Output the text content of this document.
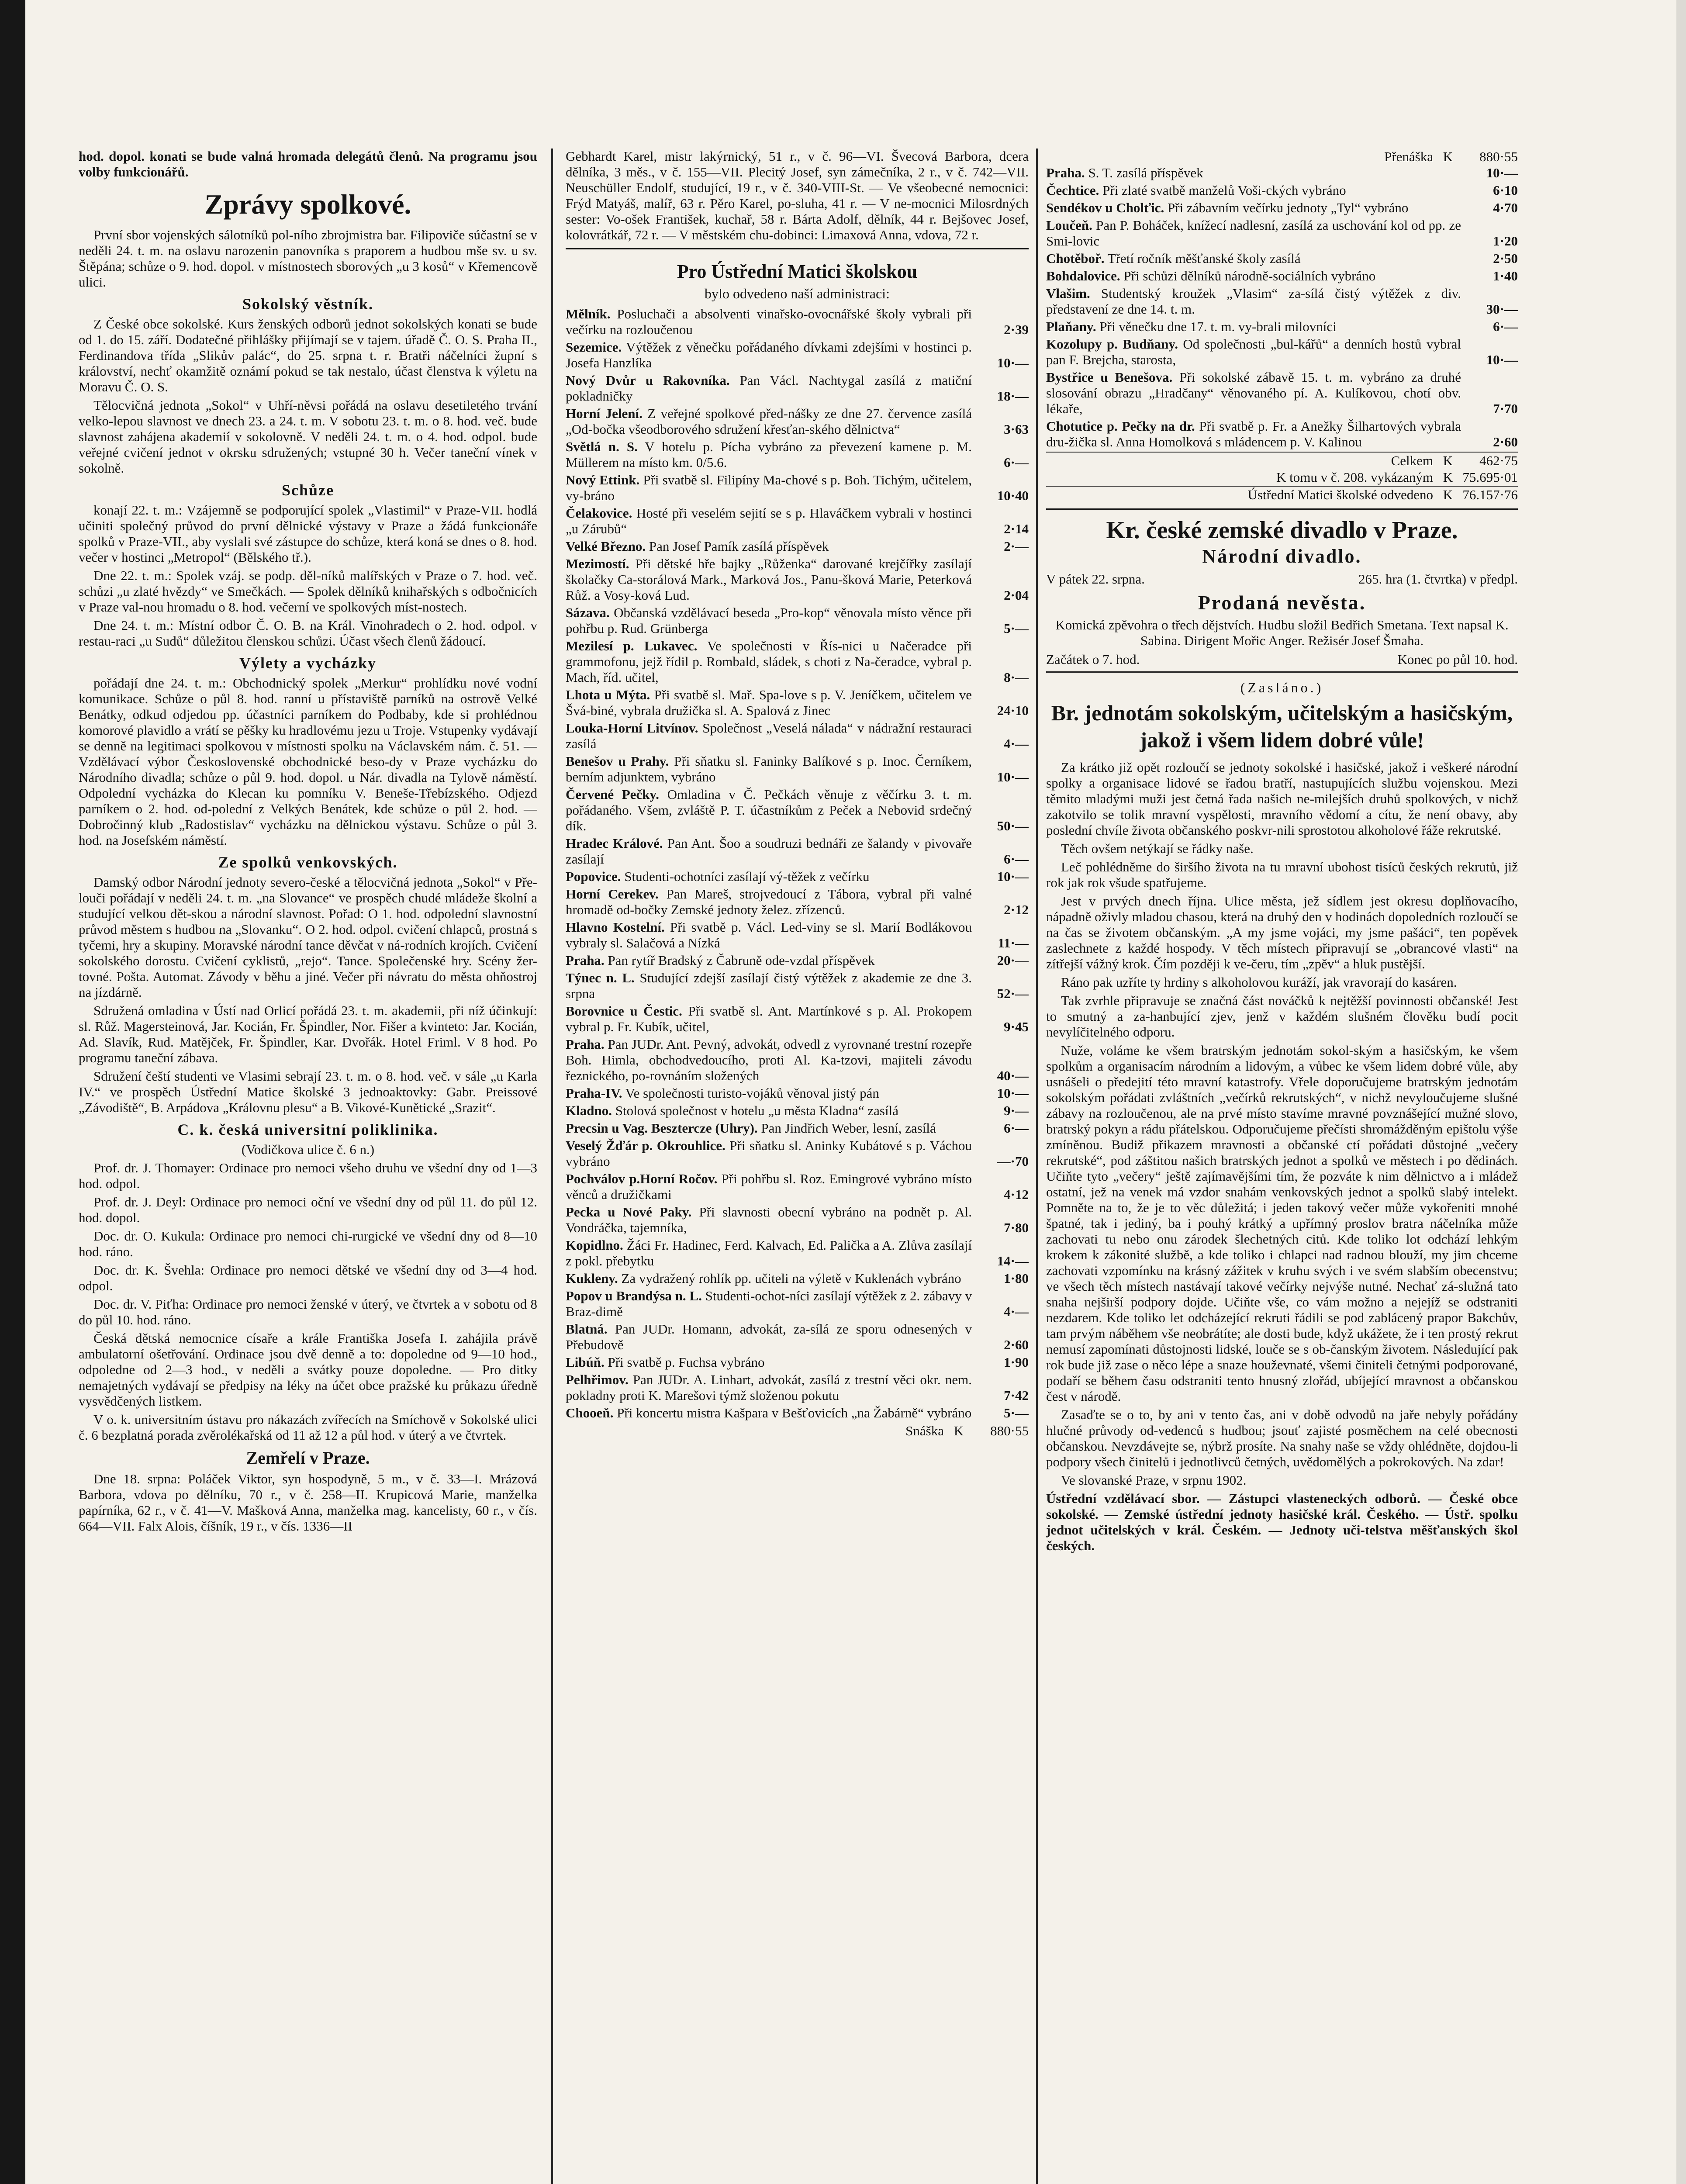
hod. dopol. konati se bude valná hromada delegátů členů. Na programu jsou volby funkcionářů.

Zprávy spolkové.

První sbor vojenských sálotníků pol-ního zbrojmistra bar. Filipoviče súčastní se v neděli 24. t. m. na oslavu narozenin panovníka s praporem a hudbou mše sv. u sv. Štěpána; schůze o 9. hod. dopol. v místnostech sborových „u 3 kosů“ v Křemencově ulici.

Sokolský věstník.

Z České obce sokolské. Kurs ženských odborů jednot sokolských konati se bude od 1. do 15. září. Dodatečné přihlášky přijímají se v tajem. úřadě Č. O. S. Praha II., Ferdinandova třída „Slikův palác“, do 25. srpna t. r. Bratři náčelníci župní s království, nechť okamžitě oznámí pokud se tak nestalo, účast členstva k výletu na Moravu Č. O. S.

Tělocvičná jednota „Sokol“ v Uhří-něvsi pořádá na oslavu desetiletého trvání velko-lepou slavnost ve dnech 23. a 24. t. m. V sobotu 23. t. m. o 8. hod. več. bude slavnost zahájena akademií v sokolovně. V neděli 24. t. m. o 4. hod. odpol. bude veřejné cvičení jednot v okrsku sdružených; vstupné 30 h. Večer taneční vínek v sokolně.

Schůze

konají 22. t. m.: Vzájemně se podporující spolek „Vlastimil“ v Praze-VII. hodlá učiniti společný průvod do první dělnické výstavy v Praze a žádá funkcionáře spolků v Praze-VII., aby vyslali své zástupce do schůze, která koná se dnes o 8. hod. večer v hostinci „Metropol“ (Bělského tř.).

Dne 22. t. m.: Spolek vzáj. se podp. děl-níků malířských v Praze o 7. hod. več. schůzi „u zlaté hvězdy“ ve Smečkách. — Spolek dělníků knihařských s odbočnicích v Praze val-nou hromadu o 8. hod. večerní ve spolkových míst-nostech.

Dne 24. t. m.: Místní odbor Č. O. B. na Král. Vinohradech o 2. hod. odpol. v restau-raci „u Sudů“ důležitou členskou schůzi. Účast všech členů žádoucí.

Výlety a vycházky

pořádají dne 24. t. m.: Obchodnický spolek „Merkur“ prohlídku nové vodní komunikace. Schůze o půl 8. hod. ranní u přístaviště parníků na ostrově Velké Benátky, odkud odjedou pp. účastníci parníkem do Podbaby, kde si prohlédnou komorové plavidlo a vrátí se pěšky ku hradlovému jezu u Troje. Vstupenky vydávají se denně na legitimaci spolkovou v místnosti spolku na Václavském nám. č. 51. — Vzdělávací výbor Československé obchodnické beso-dy v Praze vycházku do Národního divadla; schůze o půl 9. hod. dopol. u Nár. divadla na Tylově náměstí. Odpolední vycházka do Klecan ku pomníku V. Beneše-Třebízského. Odjezd parníkem o 2. hod. od-polední z Velkých Benátek, kde schůze o půl 2. hod. — Dobročinný klub „Radostislav“ vycházku na dělnickou výstavu. Schůze o půl 3. hod. na Josefském náměstí.

Ze spolků venkovských.

Damský odbor Národní jednoty severo-české a tělocvičná jednota „Sokol“ v Pře-louči pořádají v neděli 24. t. m. „na Slovance“ ve prospěch chudé mládeže školní a studující velkou dět-skou a národní slavnost. Pořad: O 1. hod. odpolední slavnostní průvod městem s hudbou na „Slovanku“. O 2. hod. odpol. cvičení chlapců, prostná s tyčemi, hry a skupiny. Moravské národní tance děvčat v ná-rodních krojích. Cvičení sokolského dorostu. Cvičení cyklistů, „rejo“. Tance. Společenské hry. Scény žer-tovné. Pošta. Automat. Závody v běhu a jiné. Večer při návratu do města ohňostroj na jízdárně.

Sdružená omladina v Ústí nad Orlicí pořádá 23. t. m. akademii, při níž účinkují: sl. Růž. Magersteinová, Jar. Kocián, Fr. Špindler, Nor. Fišer a kvinteto: Jar. Kocián, Ad. Slavík, Rud. Matějček, Fr. Špindler, Kar. Dvořák. Hotel Friml. V 8 hod. Po programu taneční zábava.

Sdružení čeští studenti ve Vlasimi sebrají 23. t. m. o 8. hod. več. v sále „u Karla IV.“ ve prospěch Ústřední Matice školské 3 jednoaktovky: Gabr. Preissové „Závodiště“, B. Arpádova „Královnu plesu“ a B. Vikové-Kunětické „Srazit“.

C. k. česká universitní poliklinika.

(Vodičkova ulice č. 6 n.)

Prof. dr. J. Thomayer: Ordinace pro nemoci všeho druhu ve všední dny od 1—3 hod. odpol.

Prof. dr. J. Deyl: Ordinace pro nemoci oční ve všední dny od půl 11. do půl 12. hod. dopol.

Doc. dr. O. Kukula: Ordinace pro nemoci chi-rurgické ve všední dny od 8—10 hod. ráno.

Doc. dr. K. Švehla: Ordinace pro nemoci dětské ve všední dny od 3—4 hod. odpol.

Doc. dr. V. Piťha: Ordinace pro nemoci ženské v úterý, ve čtvrtek a v sobotu od 8 do půl 10. hod. ráno.

Česká dětská nemocnice císaře a krále Františka Josefa I. zahájila právě ambulatorní ošetřování. Ordinace jsou dvě denně a to: dopoledne od 9—10 hod., odpoledne od 2—3 hod., v neděli a svátky pouze dopoledne. — Pro ditky nemajetných vydávají se předpisy na léky na účet obce pražské ku průkazu úředně vysvědčených listkem.

V o. k. universitním ústavu pro nákazách zvířecích na Smíchově v Sokolské ulici č. 6 bezplatná porada zvěrolékařská od 11 až 12 a půl hod. v úterý a ve čtvrtek.

Zemřelí v Praze.

Dne 18. srpna: Poláček Viktor, syn hospodyně, 5 m., v č. 33—I. Mrázová Barbora, vdova po dělníku, 70 r., v č. 258—II. Krupicová Marie, manželka papírníka, 62 r., v č. 41—V. Mašková Anna, manželka mag. kancelisty, 60 r., v čís. 664—VII. Falx Alois, číšník, 19 r., v čís. 1336—II

Gebhardt Karel, mistr lakýrnický, 51 r., v č. 96—VI. Švecová Barbora, dcera dělníka, 3 měs., v č. 155—VII. Plecitý Josef, syn zámečníka, 2 r., v č. 742—VII. Neuschüller Endolf, studující, 19 r., v č. 340-VIII-St. — Ve všeobecné nemocnici: Frýd Matyáš, malíř, 63 r. Pěro Karel, po-sluha, 41 r. — V ne-mocnici Milosrdných sester: Vo-ošek František, kuchař, 58 r. Bárta Adolf, dělník, 44 r. Bejšovec Josef, kolovrátkář, 72 r. — V městském chu-dobinci: Limaxová Anna, vdova, 72 r.

Pro Ústřední Matici školskou
bylo odvedeno naší administraci:
Mělník. Posluchači a absolventi vinařsko-ovocnářské školy vybrali při večírku na rozloučenou	2·39
Sezemice. Výtěžek z věnečku pořádaného dívkami zdejšími v hostinci p. Josefa Hanzlíka	10·—
Nový Dvůr u Rakovníka. Pan Václ. Nachtygal zasílá z matiční pokladničky	18·—
Horní Jelení. Z veřejné spolkové před-nášky ze dne 27. července zasílá „Od-bočka všeodborového sdružení křesťan-ského dělnictva“	3·63
Světlá n. S. V hotelu p. Pícha vybráno za převezení kamene p. M. Müllerem na místo km. 0/5.6.	6·—
Nový Ettink. Při svatbě sl. Filipíny Ma-chové s p. Boh. Tichým, učitelem, vy-bráno	10·40
Čelakovice. Hosté při veselém sejití se s p. Hlaváčkem vybrali v hostinci „u Zárubů“	2·14
Velké Březno. Pan Josef Pamík zasílá příspěvek	2·—
Mezimostí. Při dětské hře bajky „Růženka“ darované krejčířky zasílají školačky Ca-storálová Mark., Marková Jos., Panu-šková Marie, Peterková Růž. a Vosy-ková Lud.	2·04
Sázava. Občanská vzdělávací beseda „Pro-kop“ věnovala místo věnce při pohřbu p. Rud. Grünberga	5·—
Mezilesí p. Lukavec. Ve společnosti v Řís-nici u Načeradce při grammofonu, jejž řídil p. Rombald, sládek, s choti z Na-čeradce, vybral p. Mach, říd. učitel,	8·—
Lhota u Mýta. Při svatbě sl. Mař. Spa-love s p. V. Jeníčkem, učitelem ve Švá-biné, vybrala družička sl. A. Spalová z Jinec	24·10
Louka-Horní Litvínov. Společnost „Veselá nálada“ v nádražní restauraci zasílá	4·—
Benešov u Prahy. Při sňatku sl. Faninky Balíkové s p. Inoc. Černíkem, berním adjunktem, vybráno	10·—
Červené Pečky. Omladina v Č. Pečkách věnuje z věčírku 3. t. m. pořádaného. Všem, zvláště P. T. účastníkům z Peček a Nebovid srdečný dík.	50·—
Hradec Králové. Pan Ant. Šoo a soudruzi bednáři ze šalandy v pivovaře zasílají	6·—
Popovice. Studenti-ochotníci zasílají vý-těžek z večírku	10·—
Horní Cerekev. Pan Mareš, strojvedoucí z Tábora, vybral při valné hromadě od-bočky Zemské jednoty želez. zřízenců.	2·12
Hlavno Kostelní. Při svatbě p. Václ. Led-viny se sl. Marií Bodlákovou vybraly sl. Salačová a Nízká	11·—
Praha. Pan rytíř Bradský z Čabruně ode-vzdal příspěvek	20·—
Týnec n. L. Studující zdejší zasílají čistý výtěžek z akademie ze dne 3. srpna	52·—
Borovnice u Čestic. Při svatbě sl. Ant. Martínkové s p. Al. Prokopem vybral p. Fr. Kubík, učitel,	9·45
Praha. Pan JUDr. Ant. Pevný, advokát, odvedl z vyrovnané trestní rozepře Boh. Himla, obchodvedoucího, proti Al. Ka-tzovi, majiteli závodu řeznického, po-rovnáním složených	40·—
Praha-IV. Ve společnosti turisto-vojáků věnoval jistý pán	10·—
Kladno. Stolová společnost v hotelu „u města Kladna“ zasílá	9·—
Precsin u Vag. Besztercze (Uhry). Pan Jindřich Weber, lesní, zasílá	6·—
Veselý Žďár p. Okrouhlice. Při sňatku sl. Aninky Kubátové s p. Váchou vybráno	—·70
Pochválov p.Horní Ročov. Při pohřbu sl. Roz. Emingrové vybráno místo věnců a družičkami	4·12
Pecka u Nové Paky. Při slavnosti obecní vybráno na podnět p. Al. Vondráčka, tajemníka,	7·80
Kopidlno. Žáci Fr. Hadinec, Ferd. Kalvach, Ed. Palička a A. Zlůva zasílají z pokl. přebytku	14·—
Kukleny. Za vydražený rohlík pp. učiteli na výletě v Kuklenách vybráno	1·80
Popov u Brandýsa n. L. Studenti-ochot-níci zasílají výtěžek z 2. zábavy v Braz-dimě	4·—
Blatná. Pan JUDr. Homann, advokát, za-sílá ze sporu odnesených v Přebudově	2·60
Libúň. Při svatbě p. Fuchsa vybráno	1·90
Pelhřimov. Pan JUDr. A. Linhart, advokát, zasílá z trestní věci okr. nem. pokladny proti K. Marešovi týmž složenou pokutu	7·42
Chooeň. Při koncertu mistra Kašpara v Bešťovicích „na Žabárně“ vybráno	5·—
Snáška K	880·55
Přenáška K	880·55
Praha. S. T. zasílá příspěvek	10·—
Čechtice. Při zlaté svatbě manželů Voši-ckých vybráno	6·10
Sendékov u Cholťic. Při zábavním večírku jednoty „Tyl“ vybráno	4·70
Loučeň. Pan P. Boháček, knížecí nadlesní, zasílá za uschování kol od pp. ze Smi-lovic	1·20
Chotěboř. Třetí ročník měšťanské školy zasílá	2·50
Bohdalovice. Při schůzi dělníků národně-sociálních vybráno	1·40
Vlašim. Studentský kroužek „Vlasim“ za-sílá čistý výtěžek z div. představení ze dne 14. t. m.	30·—
Plaňany. Při věnečku dne 17. t. m. vy-brali milovníci	6·—
Kozolupy p. Budňany. Od společnosti „bul-kářů“ a denních hostů vybral pan F. Brejcha, starosta,	10·—
Bystřice u Benešova. Při sokolské zábavě 15. t. m. vybráno za druhé slosování obrazu „Hradčany“ věnovaného pí. A. Kulíkovou, chotí obv. lékaře,	7·70
Chotutice p. Pečky na dr. Při svatbě p. Fr. a Anežky Šilhartových vybrala dru-žička sl. Anna Homolková s mládencem p. V. Kalinou	2·60
Celkem K	462·75
K tomu v č. 208. vykázaným K 75.695·01
Ústřední Matici školské odvedeno K 76.157·76
Kr. české zemské divadlo v Praze.
Národní divadlo.
V pátek 22. srpna.	265. hra (1. čtvrtka) v předpl.
Prodaná nevěsta.

Komická zpěvohra o třech dějstvích. Hudbu složil Bedřich Smetana. Text napsal K. Sabina. Dirigent Mořic Anger. Režisér Josef Šmaha.

Začátek o 7. hod.	Konec po půl 10. hod.
(Zasláno.)
Br. jednotám sokolským, učitelským a hasičským, jakož i všem lidem dobré vůle!

Za krátko již opět rozloučí se jednoty sokolské i hasičské, jakož i veškeré národní spolky a organisace lidové se řadou bratří, nastupujících službu vojenskou. Mezi těmito mladými muži jest četná řada našich ne-milejších druhů spolkových, v nichž zakotvilo se tolik mravní vyspělosti, mravního vědomí a cítu, že není obavy, aby poslední chvíle života občanského poskvr-nili sprostotou alkoholové řáže rekrutské.

Těch ovšem netýkají se řádky naše.

Leč pohlédněme do širšího života na tu mravní ubohost tisíců českých rekrutů, již rok jak rok všude spatřujeme.

Jest v prvých dnech října. Ulice města, jež sídlem jest okresu doplňovacího, nápadně oživly mladou chasou, která na druhý den v hodinách dopoledních rozloučí se na čas se životem občanským. „A my jsme vojáci, my jsme pašáci“, ten popěvek zaslechnete z každé hospody. V těch místech připravují se „obrancové vlasti“ na zítřejší vážný krok. Čím později k ve-čeru, tím „zpěv“ a hluk pustější.

Ráno pak uzříte ty hrdiny s alkoholovou kuráží, jak vravorají do kasáren.

Tak zvrhle připravuje se značná část nováčků k nejtěžší povinnosti občanské! Jest to smutný a za-hanbující zjev, jenž v každém slušném člověku budí pocit nevylíčitelného odporu.

Nuže, voláme ke všem bratrským jednotám sokol-ským a hasičským, ke všem spolkům a organisacím národním a lidovým, a vůbec ke všem lidem dobré vůle, aby usnášeli o předejití této mravní katastrofy. Vřele doporučujeme bratrským jednotám sokolským pořádati zvláštních „večírků rekrutských“, v nichž nevyloučujeme slušné zábavy na rozloučenou, ale na prvé místo stavíme mravné povznášející mužné slovo, bratrský pokyn a rádu přátelskou. Odporučujeme přečísti shromážděným epištolu výše zmíněnou. Budiž přikazem mravnosti a občanské ctí pořádati důstojné „večery rekrutské“, pod záštitou našich bratrských jednot a spolků ve městech i po dědinách. Učiňte tyto „večery“ ještě zajímavějšími tím, že pozváte k nim dělnictvo a i mládež ostatní, jež na venek má vzdor snahám venkovských jednot a spolků slabý intelekt. Pomněte na to, že je to věc důležitá; i jeden takový večer může vykořeniti mnohé špatné, tak i jediný, ba i pouhý krátký a upřímný proslov bratra náčelníka může zachovati tu nebo onu zárodek šlechetných citů. Kde toliko lot odchází lehkým krokem k zákonité službě, a kde toliko i chlapci nad radnou blouží, my jim chceme zachovati vzpomínku na krásný zážitek v kruhu svých i ve svém slabším obecenstvu; ve všech těch místech nastávají takové večírky nejvýše nutné. Nechať zá-služná tato snaha nejširší podpory dojde. Učiňte vše, co vám možno a nejejíž se odstraniti nezdarem. Kde toliko let odcházející rekruti řádili se pod zablácený prapor Bakchův, tam prvým náběhem vše neobrátíte; ale dosti bude, když ukážete, že i ten prostý rekrut nemusí zapomínati důstojnosti lidské, louče se s ob-čanským životem. Následující pak rok bude již zase o něco lépe a snaze houževnaté, všemi činiteli četnými podporované, podaří se během času odstraniti tento hnusný zlořád, ubíjející mravnost a občanskou čest v národě.

Zasaďte se o to, by ani v tento čas, ani v době odvodů na jaře nebyly pořádány hlučné průvody od-vedenců s hudbou; jsouť zajisté posměchem na celé obecnosti občanskou. Nevzdávejte se, nýbrž prosíte. Na snahy naše se vždy ohlédněte, dojdou-li podpory všech činitelů i jednotlivců četných, uvědomělých a pokrokových. Na zdar!

Ve slovanské Praze, v srpnu 1902.

Ústřední vzdělávací sbor. — Zástupci vlasteneckých odborů. — České obce sokolské. — Zemské ústřední jednoty hasičské král. Českého. — Ústř. spolku jednot učitelských v král. Českém. — Jednoty uči-telstva měšťanských škol českých.
